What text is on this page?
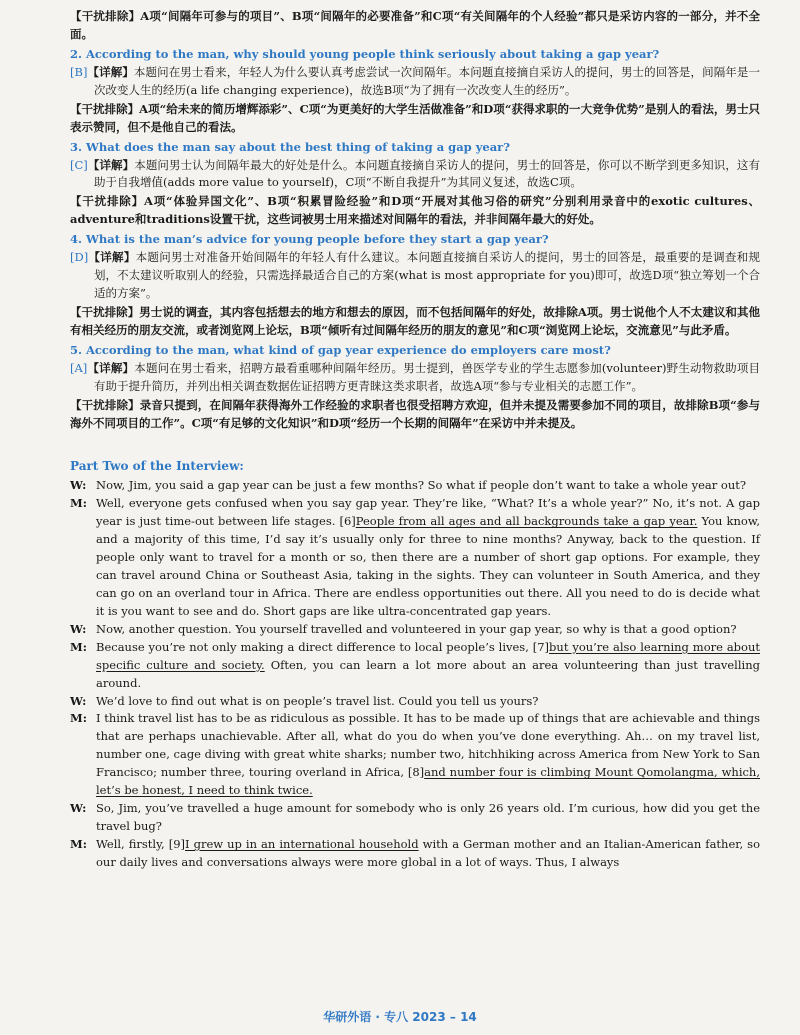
【干扰排除】A项“间隔年可参与的项目”、B项“间隔年的必要准备”和C项“有关间隔年的个人经验”都只是采访内容的一部分，并不全面。

2. According to the man, why should young people think seriously about taking a gap year?

[B]【详解】本题问在男士看来，年轻人为什么要认真考虑尝试一次间隔年。本问题直接摘自采访人的提问，男士的回答是，间隔年是一次改变人生的经历(a life changing experience)，故选B项“为了拥有一次改变人生的经历”。

【干扰排除】A项“给未来的简历增辉添彩”、C项“为更美好的大学生活做准备”和D项“获得求职的一大竞争优势”是别人的看法，男士只表示赞同，但不是他自己的看法。

3. What does the man say about the best thing of taking a gap year?

[C]【详解】本题问男士认为间隔年最大的好处是什么。本问题直接摘自采访人的提问，男士的回答是，你可以不断学到更多知识，这有助于自我增值(adds more value to yourself)，C项“不断自我提升”为其同义复述，故选C项。

【干扰排除】A项“体验异国文化”、B项“积累冒险经验”和D项“开展对其他习俗的研究”分别利用录音中的exotic cultures、adventure和traditions设置干扰，这些词被男士用来描述对间隔年的看法，并非间隔年最大的好处。

4. What is the man’s advice for young people before they start a gap year?

[D]【详解】本题问男士对准备开始间隔年的年轻人有什么建议。本问题直接摘自采访人的提问，男士的回答是，最重要的是调查和规划，不太建议听取别人的经验，只需选择最适合自己的方案(what is most appropriate for you)即可，故选D项“独立筹划一个合适的方案”。

【干扰排除】男士说的调查，其内容包括想去的地方和想去的原因，而不包括间隔年的好处，故排除A项。男士说他个人不太建议和其他有相关经历的朋友交流，或者浏览网上论坛，B项“倾听有过间隔年经历的朋友的意见”和C项“浏览网上论坛，交流意见”与此矛盾。

5. According to the man, what kind of gap year experience do employers care most?

[A]【详解】本题问在男士看来，招聘方最看重哪种间隔年经历。男士提到，兽医学专业的学生志愿参加(volunteer)野生动物救助项目有助于提升简历，并列出相关调查数据佐证招聘方更青睐这类求职者，故选A项“参与专业相关的志愿工作”。

【干扰排除】录音只提到，在间隔年获得海外工作经验的求职者也很受招聘方欢迎，但并未提及需要参加不同的项目，故排除B项“参与海外不同项目的工作”。C项“有足够的文化知识”和D项“经历一个长期的间隔年”在采访中并未提及。

Part Two of the Interview:
W: Now, Jim, you said a gap year can be just a few months? So what if people don’t want to take a whole year out?
M: Well, everyone gets confused when you say gap year. They’re like, “What? It’s a whole year?” No, it’s not. A gap year is just time-out between life stages. [6]People from all ages and all backgrounds take a gap year. You know, and a majority of this time, I’d say it’s usually only for three to nine months? Anyway, back to the question. If people only want to travel for a month or so, then there are a number of short gap options. For example, they can travel around China or Southeast Asia, taking in the sights. They can volunteer in South America, and they can go on an overland tour in Africa. There are endless opportunities out there. All you need to do is decide what it is you want to see and do. Short gaps are like ultra-concentrated gap years.
W: Now, another question. You yourself travelled and volunteered in your gap year, so why is that a good option?
M: Because you’re not only making a direct difference to local people’s lives, [7]but you’re also learning more about specific culture and society. Often, you can learn a lot more about an area volunteering than just travelling around.
W: We’d love to find out what is on people’s travel list. Could you tell us yours?
M: I think travel list has to be as ridiculous as possible. It has to be made up of things that are achievable and things that are perhaps unachievable. After all, what do you do when you’ve done everything. Ah… on my travel list, number one, cage diving with great white sharks; number two, hitchhiking across America from New York to San Francisco; number three, touring overland in Africa, [8]and number four is climbing Mount Qomolangma, which, let’s be honest, I need to think twice.
W: So, Jim, you’ve travelled a huge amount for somebody who is only 26 years old. I’m curious, how did you get the travel bug?
M: Well, firstly, [9]I grew up in an international household with a German mother and an Italian-American father, so our daily lives and conversations always were more global in a lot of ways. Thus, I always
华研外语 · 专八 2023 – 14
